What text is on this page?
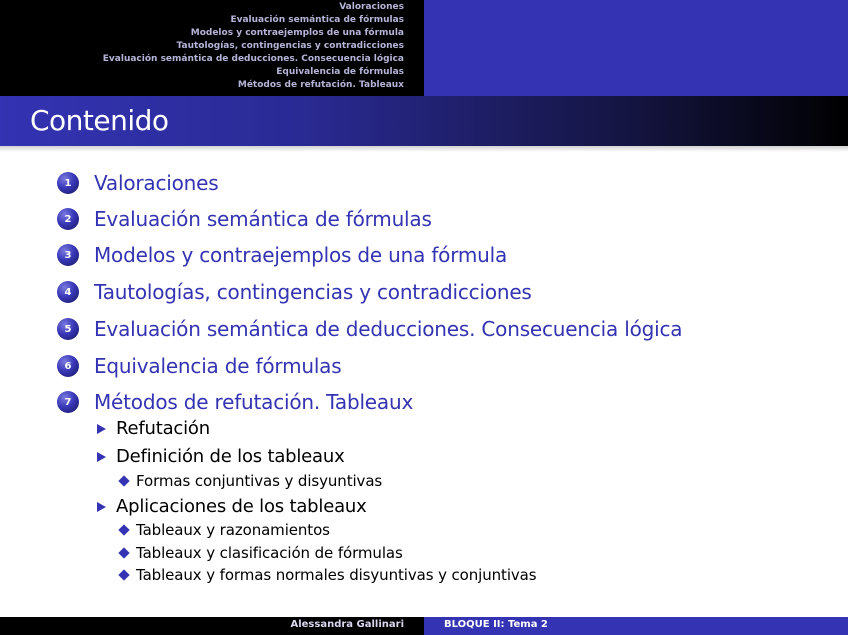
Valoraciones
Evaluación semántica de fórmulas
Modelos y contraejemplos de una fórmula
Tautologías, contingencias y contradicciones
Evaluación semántica de deducciones. Consecuencia lógica
Equivalencia de fórmulas
Métodos de refutación. Tableaux
Contenido
1	Valoraciones
2	Evaluación semántica de fórmulas
3	Modelos y contraejemplos de una fórmula
4	Tautologías, contingencias y contradicciones
5	Evaluación semántica de deducciones. Consecuencia lógica
6	Equivalencia de fórmulas
7	Métodos de refutación. Tableaux
Refutación
Definición de los tableaux
Formas conjuntivas y disyuntivas
Aplicaciones de los tableaux
Tableaux y razonamientos
Tableaux y clasificación de fórmulas
Tableaux y formas normales disyuntivas y conjuntivas
Alessandra Gallinari	BLOQUE II: Tema 2
